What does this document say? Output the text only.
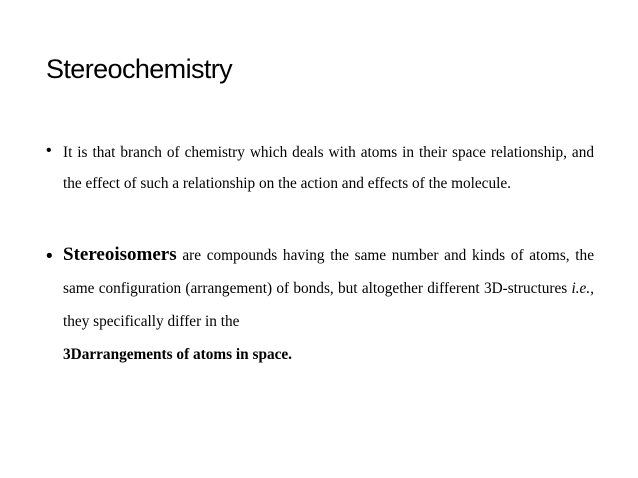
Stereochemistry
• It is that branch of chemistry which deals with atoms in their space relationship, and the effect of such a relationship on the action and effects of the molecule.
• Stereoisomers are compounds having the same number and kinds of atoms, the same configuration (arrangement) of bonds, but altogether different 3D-structures i.e., they specifically differ in the
3Darrangements of atoms in space.
